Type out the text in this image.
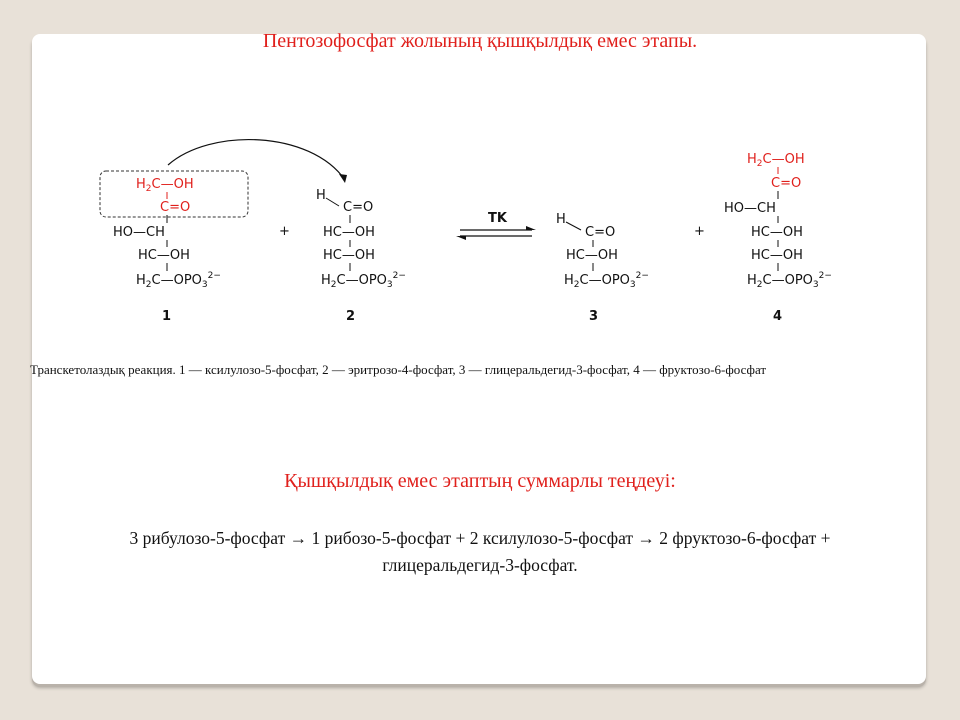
Пентозофосфат жолының қышқылдық емес этапы.
$H_2C—OH$
C=O
HO—CH
HC—OH
$H_2C—OPO_3^{2-}$
1
+
H
C=O
HC—OH
HC—OH
$H_2C—OPO_3^{2-}$
2
TK	H
C=O
HC—OH
$H_2C—OPO_3^{2-}$
3
+
$H_2C—OH$
C=O
HO—CH
HC—OH
HC—OH
$H_2C—OPO_3^{2-}$
4
Транскетолаздық реакция. 1 — ксилулозо-5-фосфат, 2 — эритрозо-4-фосфат, 3 — глицеральдегид-3-фосфат, 4 — фруктозо-6-фосфат
Қышқылдық емес этаптың суммарлы теңдеуі:
3 рибулозо-5-фосфат → 1 рибозо-5-фосфат + 2 ксилулозо-5-фосфат → 2 фруктозо-6-фосфат +
глицеральдегид-3-фосфат.
